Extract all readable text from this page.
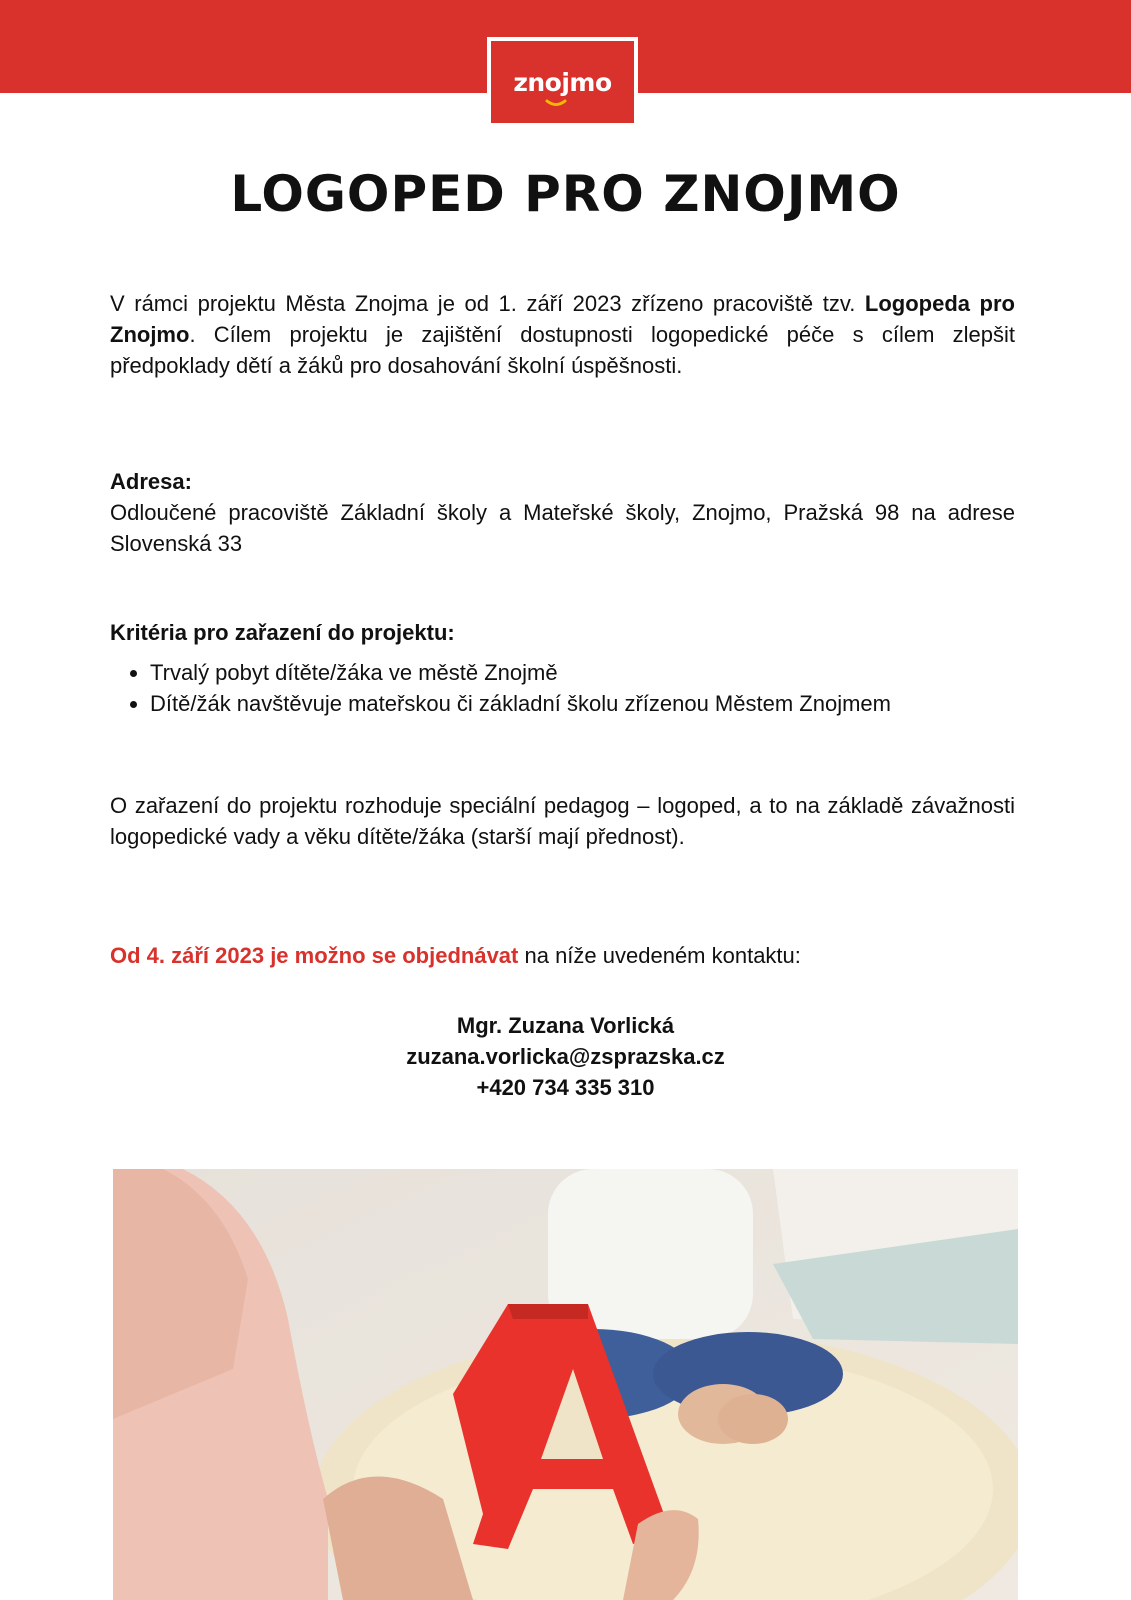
znojmo
LOGOPED PRO ZNOJMO

V rámci projektu Města Znojma je od 1. září 2023 zřízeno pracoviště tzv. Logopeda pro Znojmo. Cílem projektu je zajištění dostupnosti logopedické péče s cílem zlepšit předpoklady dětí a žáků pro dosahování školní úspěšnosti.

Adresa:
Odloučené pracoviště Základní školy a Mateřské školy, Znojmo, Pražská 98 na adrese Slovenská 33
Kritéria pro zařazení do projektu:
• Trvalý pobyt dítěte/žáka ve městě Znojmě
• Dítě/žák navštěvuje mateřskou či základní školu zřízenou Městem Znojmem

O zařazení do projektu rozhoduje speciální pedagog – logoped, a to na základě závažnosti logopedické vady a věku dítěte/žáka (starší mají přednost).

Od 4. září 2023 je možno se objednávat na níže uvedeném kontaktu:

Mgr. Zuzana Vorlická
zuzana.vorlicka@zsprazska.cz
+420 734 335 310
